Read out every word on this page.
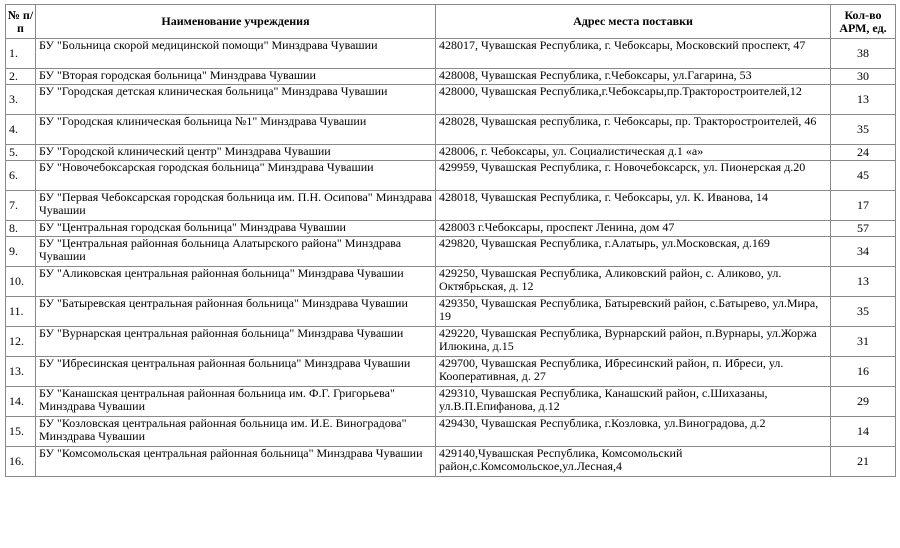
№ п/п	Наименование учреждения	Адрес места поставки	Кол-во АРМ, ед.
1.	БУ "Больница скорой медицинской помощи" Минздрава Чувашии	428017, Чувашская Республика, г. Чебоксары, Московский проспект, 47	38
2.	БУ "Вторая городская больница" Минздрава Чувашии	428008, Чувашская Республика, г.Чебоксары, ул.Гагарина, 53	30
3.	БУ "Городская детская клиническая больница" Минздрава Чувашии	428000, Чувашская Республика,г.Чебоксары,пр.Тракторостроителей,12	13
4.	БУ "Городская клиническая больница №1" Минздрава Чувашии	428028, Чувашская республика, г. Чебоксары, пр. Тракторостроителей, 46	35
5.	БУ "Городской клинический центр" Минздрава Чувашии	428006, г. Чебоксары, ул. Социалистическая д.1 «а»	24
6.	БУ "Новочебоксарская городская больница" Минздрава Чувашии	429959, Чувашская Республика, г. Новочебоксарск, ул. Пионерская д.20	45
7.	БУ "Первая Чебоксарская городская больница им. П.Н. Осипова" Минздрава Чувашии	428018, Чувашская Республика, г. Чебоксары, ул. К. Иванова, 14	17
8.	БУ "Центральная городская больница" Минздрава Чувашии	428003 г.Чебоксары, проспект Ленина, дом 47	57
9.	БУ "Центральная районная больница Алатырского района" Минздрава Чувашии	429820, Чувашская Республика, г.Алатырь, ул.Московская, д.169	34
10.	БУ "Аликовская центральная районная больница" Минздрава Чувашии	429250, Чувашская Республика, Аликовский район, с. Аликово, ул. Октябрьская, д. 12	13
11.	БУ "Батыревская центральная районная больница" Минздрава Чувашии	429350, Чувашская Республика, Батыревский район, с.Батырево, ул.Мира, 19	35
12.	БУ "Вурнарская центральная районная больница" Минздрава Чувашии	429220, Чувашская Республика, Вурнарский район, п.Вурнары, ул.Жоржа Илюкина, д.15	31
13.	БУ "Ибресинская центральная районная больница" Минздрава Чувашии	429700, Чувашская Республика, Ибресинский район, п. Ибреси, ул. Кооперативная, д. 27	16
14.	БУ "Канашская центральная районная больница им. Ф.Г. Григорьева" Минздрава Чувашии	429310, Чувашская Республика, Канашский район, с.Шихазаны, ул.В.П.Епифанова, д.12	29
15.	БУ "Козловская центральная районная больница им. И.Е. Виноградова" Минздрава Чувашии	429430, Чувашская Республика, г.Козловка, ул.Виноградова, д.2	14
16.	БУ "Комсомольская центральная районная больница" Минздрава Чувашии	429140,Чувашская Республика, Комсомольский район,с.Комсомольское,ул.Лесная,4	21
